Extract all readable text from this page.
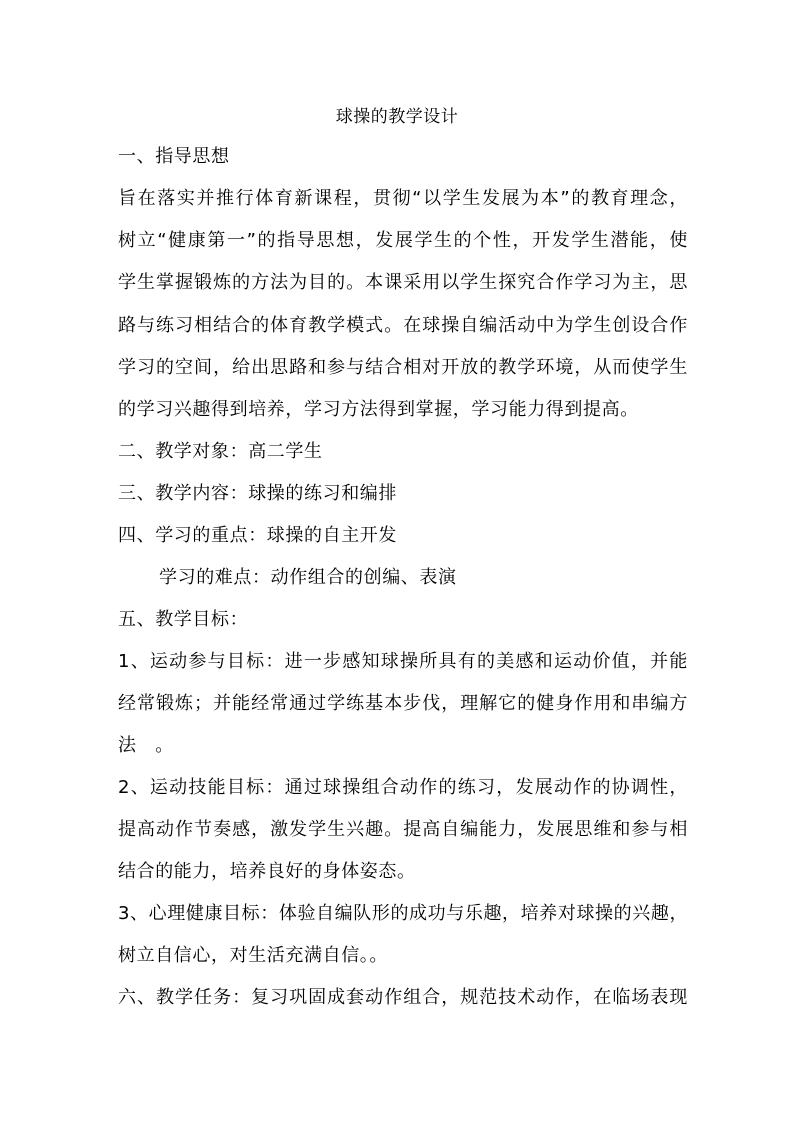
球操的教学设计
一、指导思想
旨在落实并推行体育新课程，贯彻“以学生发展为本”的教育理念，
树立“健康第一”的指导思想，发展学生的个性，开发学生潜能，使
学生掌握锻炼的方法为目的。本课采用以学生探究合作学习为主，思
路与练习相结合的体育教学模式。在球操自编活动中为学生创设合作
学习的空间，给出思路和参与结合相对开放的教学环境，从而使学生
的学习兴趣得到培养，学习方法得到掌握，学习能力得到提高。
二、教学对象：高二学生
三、教学内容：球操的练习和编排
四、学习的重点：球操的自主开发
学习的难点：动作组合的创编、表演
五、教学目标：
1、运动参与目标：进一步感知球操所具有的美感和运动价值，并能
经常锻炼；并能经常通过学练基本步伐，理解它的健身作用和串编方
法　。
2、运动技能目标：通过球操组合动作的练习，发展动作的协调性，
提高动作节奏感，激发学生兴趣。提高自编能力，发展思维和参与相
结合的能力，培养良好的身体姿态。
3、心理健康目标：体验自编队形的成功与乐趣，培养对球操的兴趣，
树立自信心，对生活充满自信。。
六、教学任务：复习巩固成套动作组合，规范技术动作，在临场表现
